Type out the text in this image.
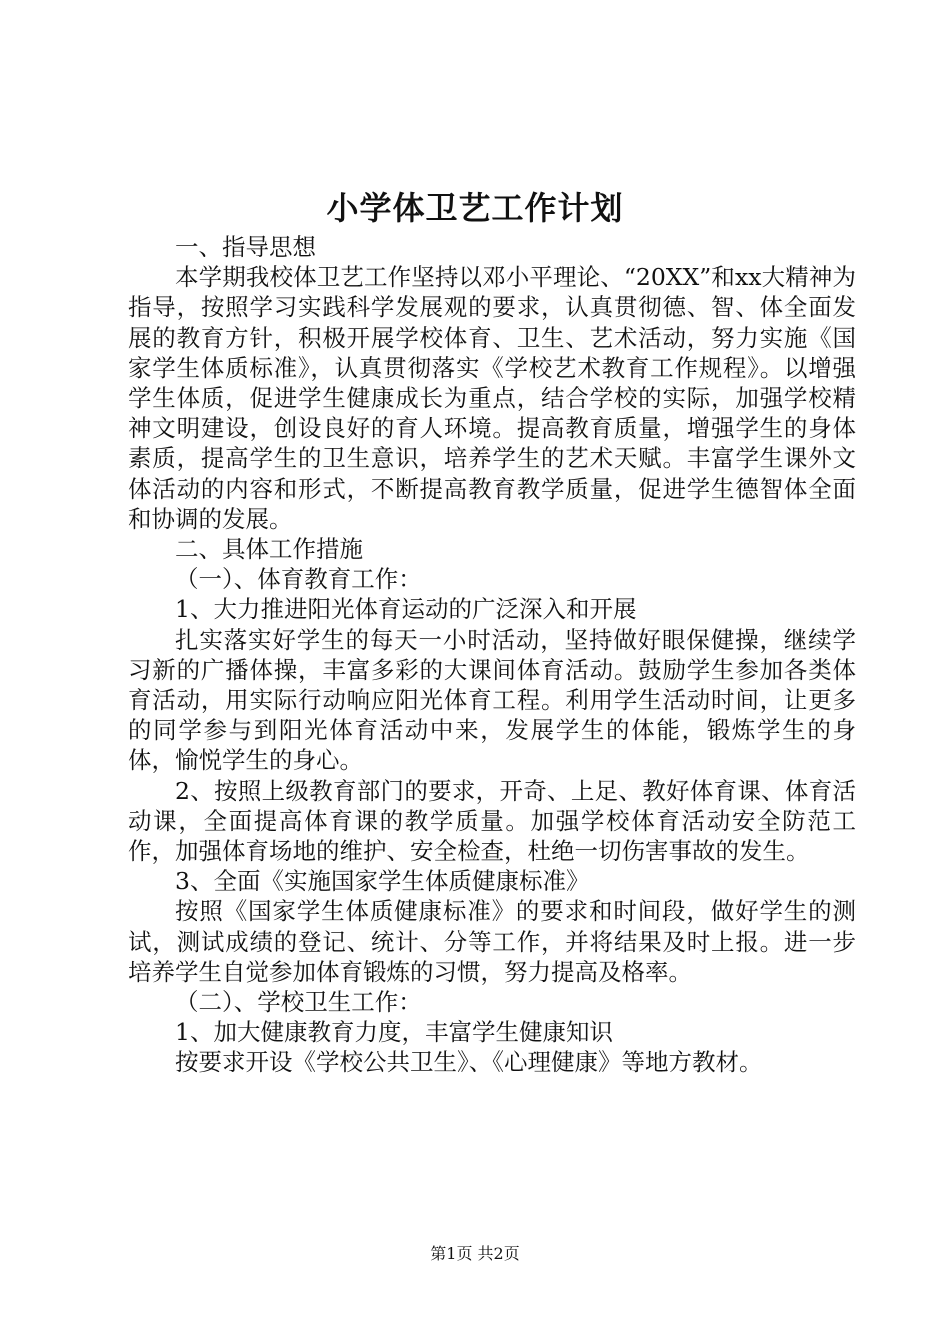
小学体卫艺工作计划

一、指导思想

本学期我校体卫艺工作坚持以邓小平理论、“20XX”和xx大精神为指导，按照学习实践科学发展观的要求，认真贯彻德、智、体全面发展的教育方针，积极开展学校体育、卫生、艺术活动，努力实施《国家学生体质标准》，认真贯彻落实《学校艺术教育工作规程》。以增强学生体质，促进学生健康成长为重点，结合学校的实际，加强学校精神文明建设，创设良好的育人环境。提高教育质量，增强学生的身体素质，提高学生的卫生意识，培养学生的艺术天赋。丰富学生课外文体活动的内容和形式，不断提高教育教学质量，促进学生德智体全面和协调的发展。

二、具体工作措施

（一）、体育教育工作：

1、大力推进阳光体育运动的广泛深入和开展

扎实落实好学生的每天一小时活动，坚持做好眼保健操，继续学习新的广播体操，丰富多彩的大课间体育活动。鼓励学生参加各类体育活动，用实际行动响应阳光体育工程。利用学生活动时间，让更多的同学参与到阳光体育活动中来，发展学生的体能，锻炼学生的身体，愉悦学生的身心。

2、按照上级教育部门的要求，开奇、上足、教好体育课、体育活动课，全面提高体育课的教学质量。加强学校体育活动安全防范工作，加强体育场地的维护、安全检查，杜绝一切伤害事故的发生。

3、全面《实施国家学生体质健康标准》

按照《国家学生体质健康标准》的要求和时间段，做好学生的测试，测试成绩的登记、统计、分等工作，并将结果及时上报。进一步培养学生自觉参加体育锻炼的习惯，努力提高及格率。

（二）、学校卫生工作：

1、加大健康教育力度，丰富学生健康知识

按要求开设《学校公共卫生》、《心理健康》等地方教材。

第1页 共2页
